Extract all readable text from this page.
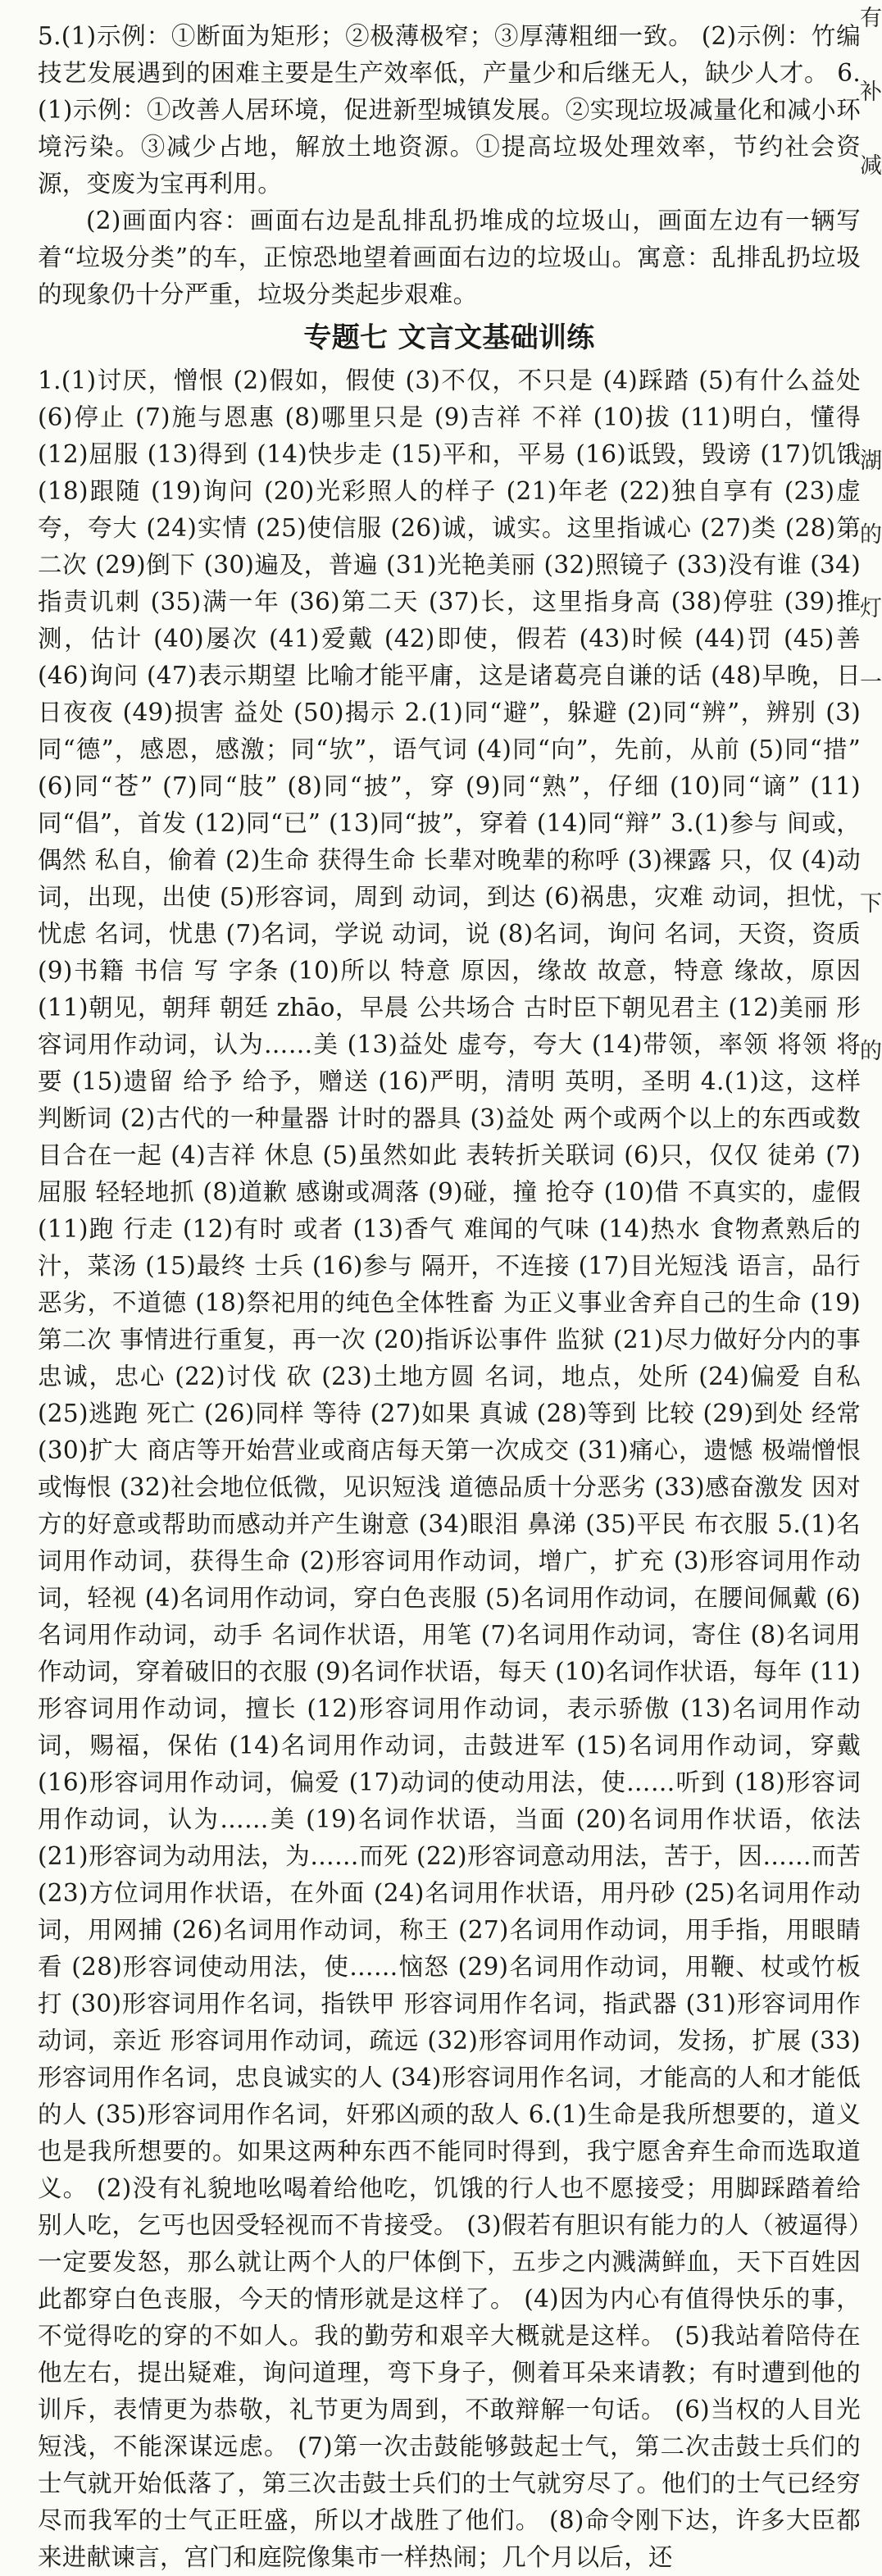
5.(1)示例：①断面为矩形；②极薄极窄；③厚薄粗细一致。 (2)示例：竹编技艺发展遇到的困难主要是生产效率低，产量少和后继无人，缺少人才。 6.(1)示例：①改善人居环境，促进新型城镇发展。②实现垃圾减量化和减小环境污染。③减少占地，解放土地资源。①提高垃圾处理效率，节约社会资源，变废为宝再利用。

(2)画面内容：画面右边是乱排乱扔堆成的垃圾山，画面左边有一辆写着“垃圾分类”的车，正惊恐地望着画面右边的垃圾山。寓意：乱排乱扔垃圾的现象仍十分严重，垃圾分类起步艰难。

专题七 文言文基础训练

1.(1)讨厌，憎恨 (2)假如，假使 (3)不仅，不只是 (4)踩踏 (5)有什么益处 (6)停止 (7)施与恩惠 (8)哪里只是 (9)吉祥 不祥 (10)拔 (11)明白，懂得 (12)屈服 (13)得到 (14)快步走 (15)平和，平易 (16)诋毁，毁谤 (17)饥饿 (18)跟随 (19)询问 (20)光彩照人的样子 (21)年老 (22)独自享有 (23)虚夸，夸大 (24)实情 (25)使信服 (26)诚，诚实。这里指诚心 (27)类 (28)第二次 (29)倒下 (30)遍及，普遍 (31)光艳美丽 (32)照镜子 (33)没有谁 (34)指责讥刺 (35)满一年 (36)第二天 (37)长，这里指身高 (38)停驻 (39)推测，估计 (40)屡次 (41)爱戴 (42)即使，假若 (43)时候 (44)罚 (45)善 (46)询问 (47)表示期望 比喻才能平庸，这是诸葛亮自谦的话 (48)早晚，日日夜夜 (49)损害 益处 (50)揭示 2.(1)同“避”，躲避 (2)同“辨”，辨别 (3)同“德”，感恩，感激；同“欤”，语气词 (4)同“向”，先前，从前 (5)同“措” (6)同“苍” (7)同“肢” (8)同“披”，穿 (9)同“熟”，仔细 (10)同“谪” (11)同“倡”，首发 (12)同“已” (13)同“披”，穿着 (14)同“辩” 3.(1)参与 间或，偶然 私自，偷着 (2)生命 获得生命 长辈对晚辈的称呼 (3)裸露 只，仅 (4)动词，出现，出使 (5)形容词，周到 动词，到达 (6)祸患，灾难 动词，担忧，忧虑 名词，忧患 (7)名词，学说 动词，说 (8)名词，询问 名词，天资，资质 (9)书籍 书信 写 字条 (10)所以 特意 原因，缘故 故意，特意 缘故，原因 (11)朝见，朝拜 朝廷 zhāo，早晨 公共场合 古时臣下朝见君主 (12)美丽 形容词用作动词，认为……美 (13)益处 虚夸，夸大 (14)带领，率领 将领 将要 (15)遗留 给予 给予，赠送 (16)严明，清明 英明，圣明 4.(1)这，这样 判断词 (2)古代的一种量器 计时的器具 (3)益处 两个或两个以上的东西或数目合在一起 (4)吉祥 休息 (5)虽然如此 表转折关联词 (6)只，仅仅 徒弟 (7)屈服 轻轻地抓 (8)道歉 感谢或凋落 (9)碰，撞 抢夺 (10)借 不真实的，虚假 (11)跑 行走 (12)有时 或者 (13)香气 难闻的气味 (14)热水 食物煮熟后的汁，菜汤 (15)最终 士兵 (16)参与 隔开，不连接 (17)目光短浅 语言，品行恶劣，不道德 (18)祭祀用的纯色全体牲畜 为正义事业舍弃自己的生命 (19)第二次 事情进行重复，再一次 (20)指诉讼事件 监狱 (21)尽力做好分内的事 忠诚，忠心 (22)讨伐 砍 (23)土地方圆 名词，地点，处所 (24)偏爱 自私 (25)逃跑 死亡 (26)同样 等待 (27)如果 真诚 (28)等到 比较 (29)到处 经常 (30)扩大 商店等开始营业或商店每天第一次成交 (31)痛心，遗憾 极端憎恨或悔恨 (32)社会地位低微，见识短浅 道德品质十分恶劣 (33)感奋激发 因对方的好意或帮助而感动并产生谢意 (34)眼泪 鼻涕 (35)平民 布衣服 5.(1)名词用作动词，获得生命 (2)形容词用作动词，增广，扩充 (3)形容词用作动词，轻视 (4)名词用作动词，穿白色丧服 (5)名词用作动词，在腰间佩戴 (6)名词用作动词，动手 名词作状语，用笔 (7)名词用作动词，寄住 (8)名词用作动词，穿着破旧的衣服 (9)名词作状语，每天 (10)名词作状语，每年 (11)形容词用作动词，擅长 (12)形容词用作动词，表示骄傲 (13)名词用作动词，赐福，保佑 (14)名词用作动词，击鼓进军 (15)名词用作动词，穿戴 (16)形容词用作动词，偏爱 (17)动词的使动用法，使……听到 (18)形容词用作动词，认为……美 (19)名词作状语，当面 (20)名词用作状语，依法 (21)形容词为动用法，为……而死 (22)形容词意动用法，苦于，因……而苦 (23)方位词用作状语，在外面 (24)名词用作状语，用丹砂 (25)名词用作动词，用网捕 (26)名词用作动词，称王 (27)名词用作动词，用手指，用眼睛看 (28)形容词使动用法，使……恼怒 (29)名词用作动词，用鞭、杖或竹板打 (30)形容词用作名词，指铁甲 形容词用作名词，指武器 (31)形容词用作动词，亲近 形容词用作动词，疏远 (32)形容词用作动词，发扬，扩展 (33)形容词用作名词，忠良诚实的人 (34)形容词用作名词，才能高的人和才能低的人 (35)形容词用作名词，奸邪凶顽的敌人 6.(1)生命是我所想要的，道义也是我所想要的。如果这两种东西不能同时得到，我宁愿舍弃生命而选取道义。 (2)没有礼貌地吆喝着给他吃，饥饿的行人也不愿接受；用脚踩踏着给别人吃，乞丐也因受轻视而不肯接受。 (3)假若有胆识有能力的人（被逼得）一定要发怒，那么就让两个人的尸体倒下，五步之内溅满鲜血，天下百姓因此都穿白色丧服，今天的情形就是这样了。 (4)因为内心有值得快乐的事，不觉得吃的穿的不如人。我的勤劳和艰辛大概就是这样。 (5)我站着陪侍在他左右，提出疑难，询问道理，弯下身子，侧着耳朵来请教；有时遭到他的训斥，表情更为恭敬，礼节更为周到，不敢辩解一句话。 (6)当权的人目光短浅，不能深谋远虑。 (7)第一次击鼓能够鼓起士气，第二次击鼓士兵们的士气就开始低落了，第三次击鼓士兵们的士气就穷尽了。他们的士气已经穷尽而我军的士气正旺盛，所以才战胜了他们。 (8)命令刚下达，许多大臣都来进献谏言，宫门和庭院像集市一样热闹；几个月以后，还

有
补
减
湖
的
灯
一
下
的
